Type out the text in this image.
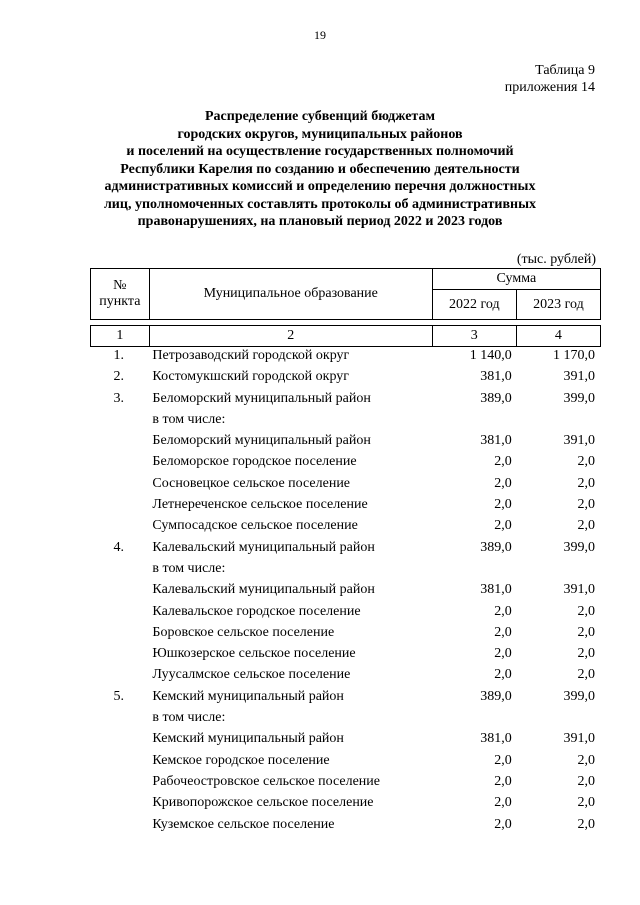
19
Таблица 9
приложения 14
Распределение субвенций бюджетам
городских округов, муниципальных районов
и поселений на осуществление государственных полномочий
Республики Карелия по созданию и обеспечению деятельности
административных комиссий и определению перечня должностных
лиц, уполномоченных составлять протоколы об административных
правонарушениях, на плановый период 2022 и 2023 годов
(тыс. рублей)
№
пункта	Муниципальное образование	Сумма	
		2022 год	2023 год

1	2	3	4
1.	Петрозаводский городской округ	1 140,0	1 170,0
2.	Костомукшский городской округ	381,0	391,0
3.	Беломорский муниципальный район	389,0	399,0
в том числе:
Беломорский муниципальный район	381,0	391,0
Беломорское городское поселение	2,0	2,0
Сосновецкое сельское поселение	2,0	2,0
Летнереченское сельское поселение	2,0	2,0
Сумпосадское сельское поселение	2,0	2,0
4.	Калевальский муниципальный район	389,0	399,0
в том числе:
Калевальский муниципальный район	381,0	391,0
Калевальское городское поселение	2,0	2,0
Боровское сельское поселение	2,0	2,0
Юшкозерское сельское поселение	2,0	2,0
Луусалмское сельское поселение	2,0	2,0
5.	Кемский муниципальный район	389,0	399,0
в том числе:
Кемский муниципальный район	381,0	391,0
Кемское городское поселение	2,0	2,0
Рабочеостровское сельское поселение	2,0	2,0
Кривопорожское сельское поселение	2,0	2,0
Куземское сельское поселение	2,0	2,0
